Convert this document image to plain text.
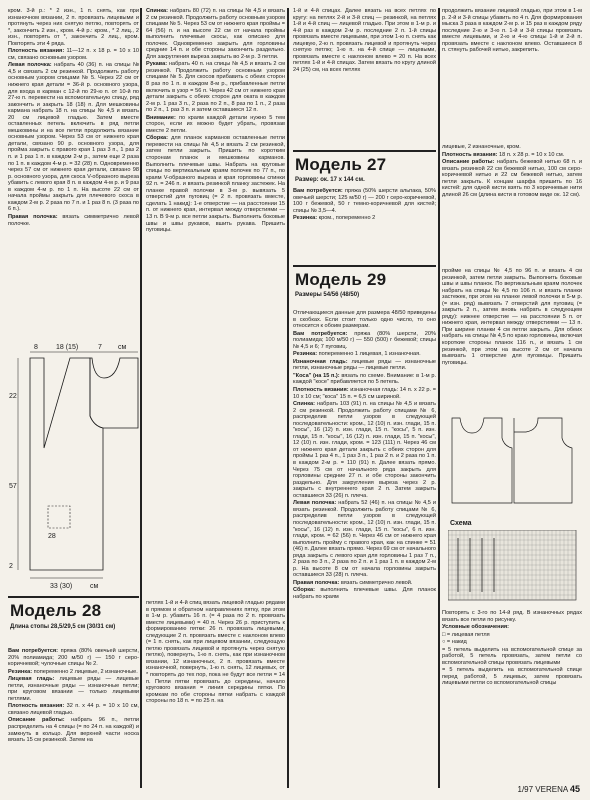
кром. 3-й р.: * 2 изн., 1 п. снять, как при изнаночном вязании, 2 п. провязать лицевыми и протянуть через них снятую петлю, повторять от *, закончить 2 изн., кром. 4-й р.: кром., * 2 лиц., 2 изн., повторять от *, закончить 2 лиц., кром. Повторять эти 4 ряда.

Плотность вязания: 11—12 п. х 18 р. = 10 х 10 см, связано основным узором.

Левая полочка: набрать 40 (36) п. на спицы № 4,5 и связать 2 см резинкой. Продолжить работу основным узором спицами № 5. Через 22 см от нижнего края детали = 36-й р. основного узора, для входа в карман с 12-й по 29-ю п. от 10-й по 27-ю п. перевести на вспомогательную спицу, ряд закончить и закрыть 18 (18) п. Для мешковины кармана набрать 18 п. на спицы № 4,5 и вязать 20 см лицевой гладью. Затем вместе оставленных петель включить в ряд петли мешковины и на все петли продолжить вязание основным узором. Через 53 см от нижнего края детали, связано 90 р. основного узора, для пройма закрыть с правого края 1 раз 3 п., 1 раз 2 п. и 1 раз 1 п. в каждом 2-м р., затем еще 2 раза по 1 п. в каждом 4-м р. = 32 (28) п. Одновременно через 57 см от нижнего края детали, связано 98 р. основного узора, для скоса V-образного выреза убавить с левого края 8 п. в каждом 4-м р. и 9 раз в каждом 4-м р. по 1 п. На высоте 22 см от начала проймы закрыть для плечевого скоса в каждом 2-м р. 2 раза по 7 п. и 1 раз 8 п. (3 раза по 6 п.).

Правая полочка: вязать симметрично левой полочке.

Спинка: набрать 80 (72) п. на спицы № 4,5 и вязать 2 см резинкой. Продолжить работу основным узором спицами № 5. Через 53 см от нижнего края проймы = 64 (56) п. и на высоте 22 см от начала проймы выполнить плечевые скосы, как описано для полочек. Одновременно закрыть для горловины средние 14 п. и обе стороны закончить раздельно. Для закругления выреза закрыть во 2-м р. 3 петли.

Рукава: набрать 40 п. на спицы № 4,5 и вязать 2 см резинкой. Продолжить работу основным узором спицами № 5. Для скосов прибавить с обеих сторон 8 раз по 1 п. в каждом 8-м р., прибавленные петли включить в узор = 56 п. Через 42 см от нижнего края детали закрыть с обеих сторон для оката в каждом 2-м р. 1 раз 3 п., 2 раза по 2 п., 8 раз по 1 п., 2 раза по 2 п., 1 раз 3 п. и затем оставшиеся 12 п.

Внимание: по краям каждой детали нужно 5 тем сторон, если их можно будет убрать, провязав вместе 2 петли.

Сборка: для планок карманов оставленные петли перевести на спицы № 4,5 и вязать 2 см резинкой, затем петли закрыть. Пришить по коротким сторонам планок и мешковины карманов. Выполнить плечевые швы. Набрать на круговые спицы по вертикальным краям полочек по 77 п., по краям V-образного выреза и края горловины спинки 92 п. = 246 п. и вязать резинкой планку застежек. На планке правой полочки в 3-м р. вывязать 5 отверстий для пуговиц (= 2 п. провязать вместе, сделать 1 накид): 1-е отверстие — на расстоянии 15 п. от нижнего края, интервал между отверстиями — 13 п. В 9-м р. все петли закрыть. Выполнить боковые швы и швы рукавов, вшить рукава. Пришить пуговицы.

1-й и 4-й спицах. Далее вязать на всех петлях по кругу: на петлях 2-й и 3-й спиц — резинкой, на петлях 1-й и 4-й спиц — лицевой гладью. При этом в 1-м р. и 4-й раз в каждом 2-м р. последние 2 п. 1-й спицы провязать вместе лицевыми, при этом 1-ю п. снять как лицевую, 2-ю п. провязать лицевой и протянуть через снятую петлю; 1-ю п. на 4-й спице — лицевыми, провязать вместе с наклоном влево = 20 п. На всех петлях 1-й и 4-й спицах. Затем вязать по кругу длиной 24 (25) см, на всех петлях

продолжить вязание лицевой гладью, при этом в 1-м р. 2-й и 3-й спицы убавить по 4 п. Для формирования мыска 3 раза в каждом 2-м р. и 15 раз в каждом ряду последние 2-ю и 3-ю п. 1-й и 3-й спицы провязать вместе лицевыми, и 2-ю и 4-ю спицы 1-й и 2-й п. провязать вместе с наклоном влево. Оставшиеся 8 п. стянуть рабочей нитью, закрепить.

Модель 27
Размер: ок. 17 х 144 см.

Вам потребуется: пряжа (50% шерсти альпака, 50% овечьей шерсти; 125 м/50 г) — 200 г серо-коричневой, 100 г бежевой, 50 г темно-коричневой для кистей; спицы № 3,5—4.

Резинка: кром., попеременно 2

лицевые, 2 изнаночные, кром.

Плотность вязания: 18 п. х 28 р. = 10 х 10 см.

Описание работы: набрать бежевой нитью 68 п. и вязать резинкой 22 см бежевой нитью, 100 см серо-коричневой нитью и 22 см бежевой нитью, затем петли закрыть. К концам шарфа пришить по 16 кистей: для одной кисти взять по 3 коричневые нити длиной 26 см (длина кисти в готовом виде ок. 12 см).

Модель 29
Размеры 54/56 (48/50)

Отличающиеся данные для размера 48/50 приведены в скобках. Если стоит только одно число, то оно относится к обоим размерам.

Вам потребуется: пряжа (80% шерсти, 20% полиамида; 100 м/50 г) — 550 (500) г бежевой; спицы № 4,5 и 6; 7 пуговиц.

Резинка: попеременно 1 лицевая, 1 изнаночная.

Изнаночная гладь: лицевые ряды — изнаночные петли, изнаночные ряды — лицевые петли.

"Коса" (на 15 п.): вязать по схеме. Внимание: в 1-м р. каждой "косе" прибавляется по 5 петель.

Плотность вязания: изнаночная гладь: 14 п. x 22 р. = 10 х 10 см; "коса" 15 п. = 6,5 см шириной.

Спинка: набрать 103 (91) п. на спицы № 4,5 и вязать 2 см резинкой. Продолжить работу спицами № 6, распределив петли узоров в следующей последовательности: кром., 12 (10) п. изн. глади, 15 п. "косы", 16 (12) п. изн. глади, 15 п. "косы", 5 п. изн. глади, 15 п. "косы", 16 (12) п. изн. глади, 15 п. "косы", 12 (10) п. изн. глади, кром. = 123 (111) п. Через 46 см от нижнего края детали закрыть с обеих сторон для проймы 1 раз 4 п., 1 раз 3 п., 1 раз 2 п. и 2 раза по 1 п. в каждом 2-м р. = 110 (91) п. Далее вязать прямо. Через 75 см от начального ряда закрыть для горловины средние 27 п. и обе стороны закончить раздельно. Для закругления выреза через 2 р. закрыть с внутреннего края 2 п. Затем закрыть оставшиеся 33 (26) п. плеча.

Левая полочка: набрать 52 (46) п. на спицы № 4,5 и вязать резинкой. Продолжить работу спицами № 6, распределив петли узоров в следующей последовательности: кром., 12 (10) п. изн. глади, 15 п. "косы", 16 (12) п. изн. глади, 15 п. "косы", 6 п. изн. глади, кром. = 62 (56) п. Через 46 см от нижнего края выполнить пройму с правого края, как на спинке = 51 (46) п. Далее вязать прямо. Через 69 см от начального ряда закрыть с левого края для горловины 1 раз 7 п., 2 раза по 3 п., 2 раза по 2 п. и 1 раз 1 п. в каждом 2-м р. На высоте 8 см от начала горловины закрыть оставшиеся 33 (28) п. плеча.

Правая полочка: вязать симметрично левой.

Сборка: выполнить плечевые швы. Для планок набрать по краям

пройме на спицы № 4,5 по 96 п. и вязать 4 см резинкой, затем петли закрыть. Выполнить боковые швы и швы планок. По вертикальным краям полочек набрать на спицы № 4,5 по 106 п. и вязать планки застежек, при этом на планке левой полочки в 5-м р. (= изн. ряд) вывязать 7 отверстий для пуговиц (= закрыть 2 п., затем вновь набрать в следующем ряду): нижнее отверстие — на расстоянии 5 п. от нижнего края, интервал между отверстиями — 13 п. При ширине планки 4 см петли закрыть. Для обеих набрать на спицы № 4,5 по краю горловины, включая короткие стороны планок 116 п., и вязать 1 см резинкой, при этом на высоте 2 см от начала вывязать 1 отверстие для пуговицы. Пришить пуговицы.

8	18 (15)	7 см
22
57
28
2
33 (30)	см
Модель 28
Длина стопы 28,5/29,5 см (30/31 см)

Вам потребуется: пряжа (80% овечьей шерсти, 20% полиамида; 200 м/50 г) — 150 г серо-коричневой; чулочные спицы № 2.

Резинка: попеременно 2 лицевые, 2 изнаночные.

Лицевая гладь: лицевые ряды — лицевые петли, изнаночные ряды — изнаночные петли; при круговом вязании — только лицевыми петлями.

Плотность вязания: 32 п. x 44 р. = 10 х 10 см, связано лицевой гладью.

Описание работы: набрать 96 п., петли распределить на 4 спицы (= по 24 п. на каждой) и замкнуть в кольцо. Для верхней части носка вязать 15 см резинкой. Затем на

петлях 1-й и 4-й спиц вязать лицевой гладью рядами в прямом и обратном направлениях пятку, при этом в 1-м р. убавить 16 п. (= 4 раза по 2 п. провязать вместе лицевыми) = 40 п. Через 26 р. приступить к формированию пятки: 26 п. провязать лицевыми, следующие 2 п. провязать вместе с наклоном влево (= 1 п. снять, как при лицевом вязании, следующую петлю провязать лицевой и протянуть через снятую петлю), повернуть, 1-ю п. снять, как при изнаночном вязании, 12 изнаночных, 2 п. провязать вместе изнаночной, повернуть, 1-ю п. снять, 12 лицевых, от * повторять до тех пор, пока не будут все петли = 14 п. Петли пятки провязать до середины, начало кругового вязания = линия середины пятки. По кромкам по обе стороны пятки набрать с каждой стороны по 18 п. = по 25 п. на

Схема

Повторять с 3-го по 14-й ряд. В изнаночных рядах вязать все петли по рисунку.

Условные обозначения:

□ = лицевая петля

○ = накид

= 5 петель выделить на вспомогательной спице за работой, 5 петель провязать, затем петли со вспомогательной спицы провязать лицевыми

= 5 петель выделить на вспомогательной спице перед работой, 5 лицевых, затем провязать лицевыми петли со вспомогательной спицы

1/97 VERENA 45
